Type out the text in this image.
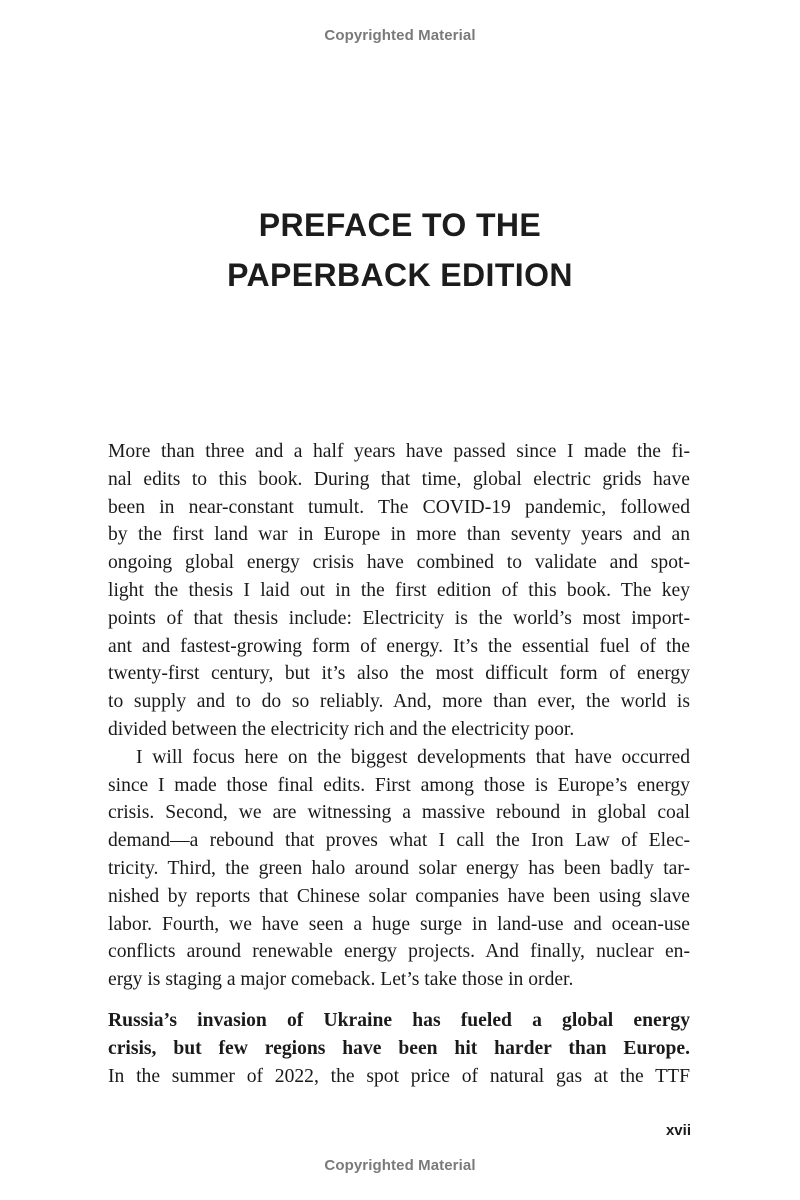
Copyrighted Material
PREFACE TO THE
PAPERBACK EDITION
More than three and a half years have passed since I made the fi-
nal edits to this book. During that time, global electric grids have
been in near-constant tumult. The COVID-19 pandemic, followed
by the first land war in Europe in more than seventy years and an
ongoing global energy crisis have combined to validate and spot-
light the thesis I laid out in the first edition of this book. The key
points of that thesis include: Electricity is the world’s most import-
ant and fastest-growing form of energy. It’s the essential fuel of the
twenty-first century, but it’s also the most difficult form of energy
to supply and to do so reliably. And, more than ever, the world is
divided between the electricity rich and the electricity poor.
I will focus here on the biggest developments that have occurred
since I made those final edits. First among those is Europe’s energy
crisis. Second, we are witnessing a massive rebound in global coal
demand—a rebound that proves what I call the Iron Law of Elec-
tricity. Third, the green halo around solar energy has been badly tar-
nished by reports that Chinese solar companies have been using slave
labor. Fourth, we have seen a huge surge in land-use and ocean-use
conflicts around renewable energy projects. And finally, nuclear en-
ergy is staging a major comeback. Let’s take those in order.
Russia’s invasion of Ukraine has fueled a global energy
crisis, but few regions have been hit harder than Europe.
In the summer of 2022, the spot price of natural gas at the TTF
xvii
Copyrighted Material
